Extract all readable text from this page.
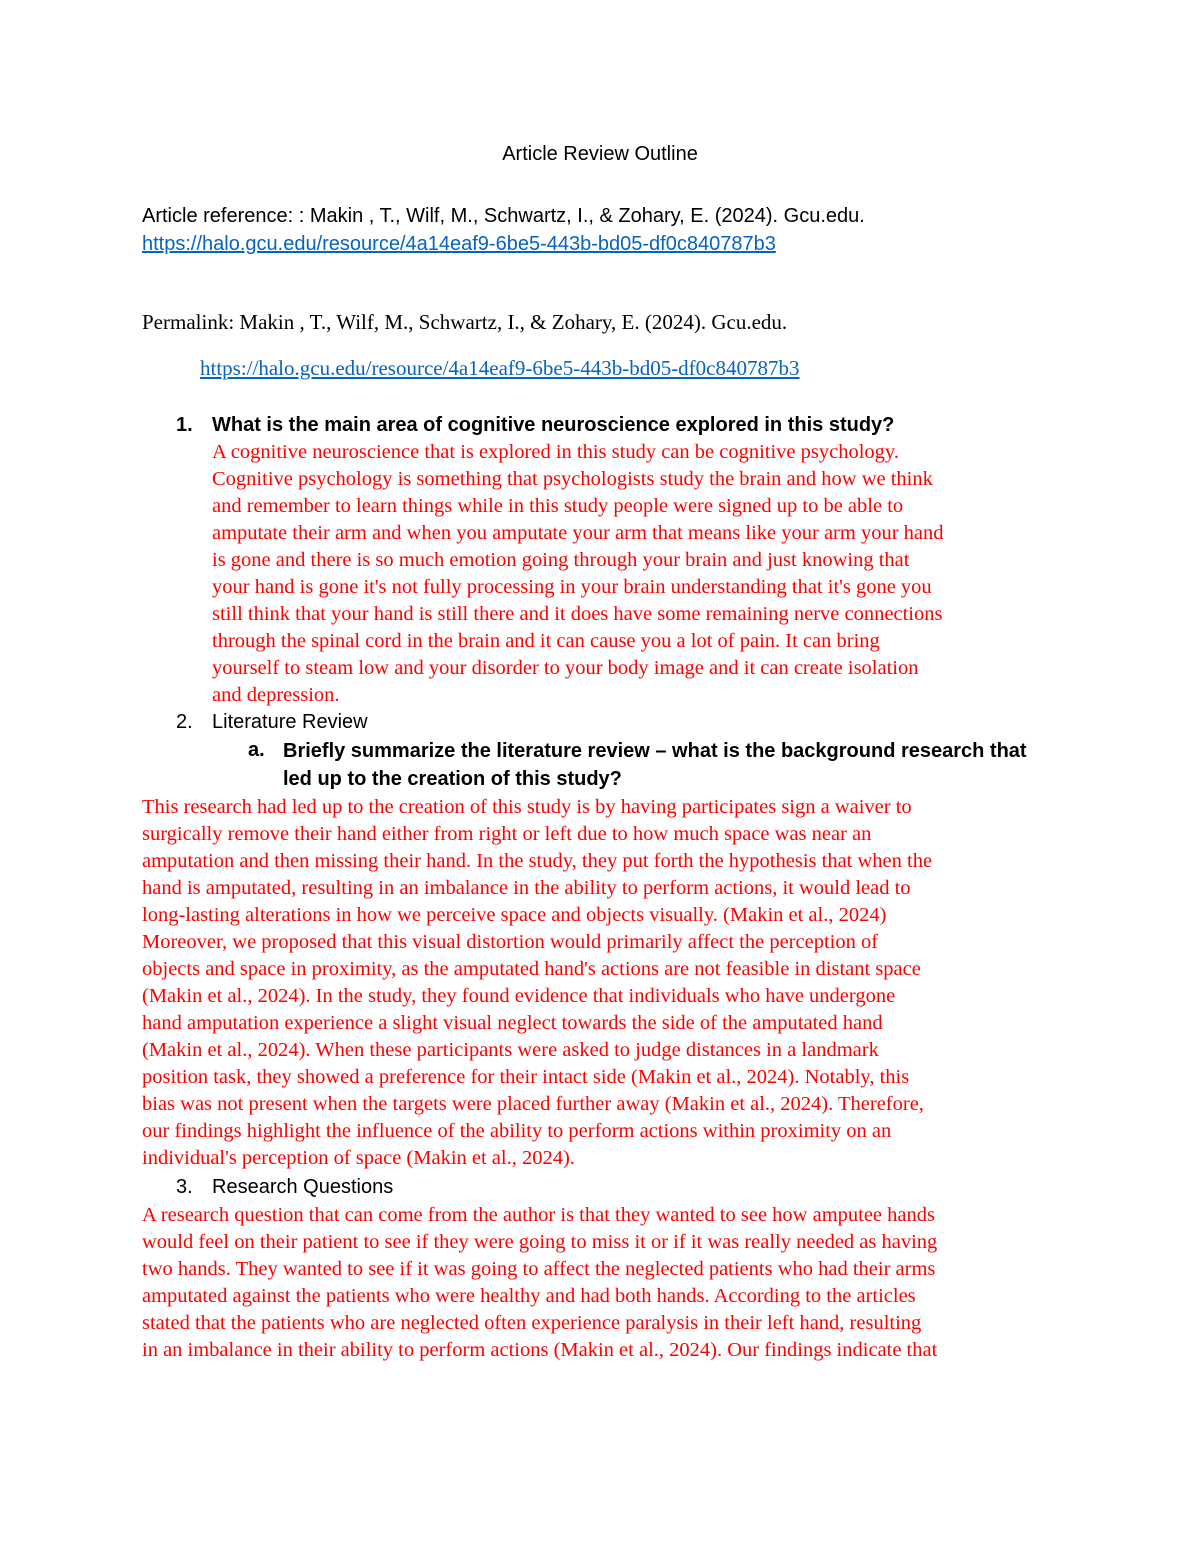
Article Review Outline
Article reference: : Makin , T., Wilf, M., Schwartz, I., & Zohary, E. (2024). Gcu.edu.
https://halo.gcu.edu/resource/4a14eaf9-6be5-443b-bd05-df0c840787b3
Permalink: Makin , T., Wilf, M., Schwartz, I., & Zohary, E. (2024). Gcu.edu.
https://halo.gcu.edu/resource/4a14eaf9-6be5-443b-bd05-df0c840787b3
1. What is the main area of cognitive neuroscience explored in this study?
A cognitive neuroscience that is explored in this study can be cognitive psychology.
Cognitive psychology is something that psychologists study the brain and how we think
and remember to learn things while in this study people were signed up to be able to
amputate their arm and when you amputate your arm that means like your arm your hand
is gone and there is so much emotion going through your brain and just knowing that
your hand is gone it's not fully processing in your brain understanding that it's gone you
still think that your hand is still there and it does have some remaining nerve connections
through the spinal cord in the brain and it can cause you a lot of pain. It can bring
yourself to steam low and your disorder to your body image and it can create isolation
and depression.
2. Literature Review
a. Briefly summarize the literature review – what is the background research that led up to the creation of this study?
This research had led up to the creation of this study is by having participates sign a waiver to
surgically remove their hand either from right or left due to how much space was near an
amputation and then missing their hand. In the study, they put forth the hypothesis that when the
hand is amputated, resulting in an imbalance in the ability to perform actions, it would lead to
long-lasting alterations in how we perceive space and objects visually. (Makin et al., 2024)
Moreover, we proposed that this visual distortion would primarily affect the perception of
objects and space in proximity, as the amputated hand's actions are not feasible in distant space
(Makin et al., 2024). In the study, they found evidence that individuals who have undergone
hand amputation experience a slight visual neglect towards the side of the amputated hand
(Makin et al., 2024). When these participants were asked to judge distances in a landmark
position task, they showed a preference for their intact side (Makin et al., 2024). Notably, this
bias was not present when the targets were placed further away (Makin et al., 2024). Therefore,
our findings highlight the influence of the ability to perform actions within proximity on an
individual's perception of space (Makin et al., 2024).
3. Research Questions
A research question that can come from the author is that they wanted to see how amputee hands
would feel on their patient to see if they were going to miss it or if it was really needed as having
two hands. They wanted to see if it was going to affect the neglected patients who had their arms
amputated against the patients who were healthy and had both hands. According to the articles
stated that the patients who are neglected often experience paralysis in their left hand, resulting
in an imbalance in their ability to perform actions (Makin et al., 2024). Our findings indicate that
